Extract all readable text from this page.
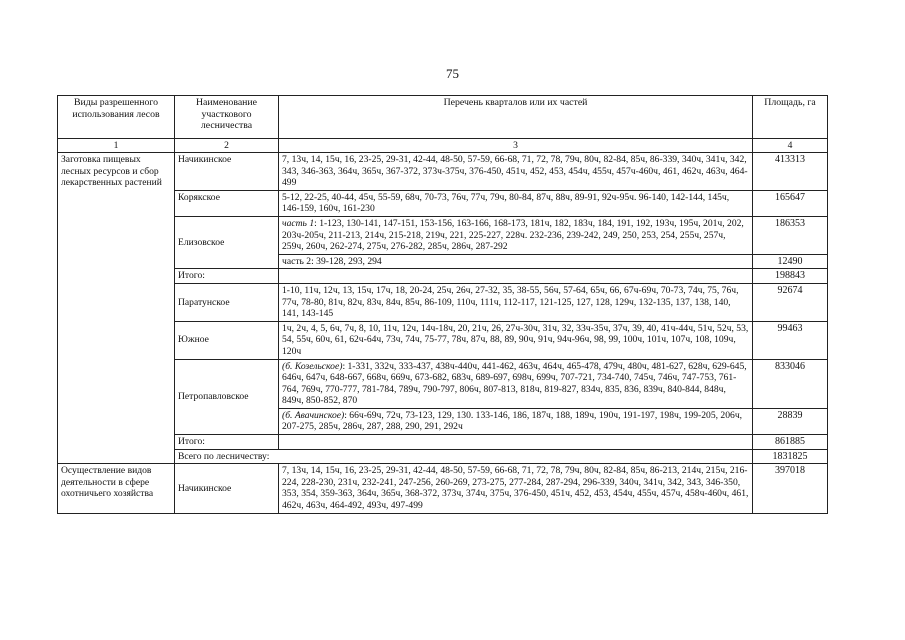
75
Виды разрешенного использования лесов	Наименование участкового лесничества	Перечень кварталов или их частей	Площадь, га
1	2	3	4
Заготовка пищевых лесных ресурсов и сбор лекарственных растений	Начикинское	7, 13ч, 14, 15ч, 16, 23-25, 29-31, 42-44, 48-50, 57-59, 66-68, 71, 72, 78, 79ч, 80ч, 82-84, 85ч, 86-339, 340ч, 341ч, 342, 343, 346-363, 364ч, 365ч, 367-372, 373ч-375ч, 376-450, 451ч, 452, 453, 454ч, 455ч, 457ч-460ч, 461, 462ч, 463ч, 464-499	413313
	Корякское	5-12, 22-25, 40-44, 45ч, 55-59, 68ч, 70-73, 76ч, 77ч, 79ч, 80-84, 87ч, 88ч, 89-91, 92ч-95ч. 96-140, 142-144, 145ч, 146-159, 160ч, 161-230	165647
	Елизовское	часть 1: 1-123, 130-141, 147-151, 153-156, 163-166, 168-173, 181ч, 182, 183ч, 184, 191, 192, 193ч, 195ч, 201ч, 202, 203ч-205ч, 211-213, 214ч, 215-218, 219ч, 221, 225-227, 228ч. 232-236, 239-242, 249, 250, 253, 254, 255ч, 257ч, 259ч, 260ч, 262-274, 275ч, 276-282, 285ч, 286ч, 287-292	186353
		часть 2: 39-128, 293, 294	12490
	Итого:		198843
	Паратунское	1-10, 11ч, 12ч, 13, 15ч, 17ч, 18, 20-24, 25ч, 26ч, 27-32, 35, 38-55, 56ч, 57-64, 65ч, 66, 67ч-69ч, 70-73, 74ч, 75, 76ч, 77ч, 78-80, 81ч, 82ч, 83ч, 84ч, 85ч, 86-109, 110ч, 111ч, 112-117, 121-125, 127, 128, 129ч, 132-135, 137, 138, 140, 141, 143-145	92674
	Южное	1ч, 2ч, 4, 5, 6ч, 7ч, 8, 10, 11ч, 12ч, 14ч-18ч, 20, 21ч, 26, 27ч-30ч, 31ч, 32, 33ч-35ч, 37ч, 39, 40, 41ч-44ч, 51ч, 52ч, 53, 54, 55ч, 60ч, 61, 62ч-64ч, 73ч, 74ч, 75-77, 78ч, 87ч, 88, 89, 90ч, 91ч, 94ч-96ч, 98, 99, 100ч, 101ч, 107ч, 108, 109ч, 120ч	99463
	Петропавловское	(б. Козельское): 1-331, 332ч, 333-437, 438ч-440ч, 441-462, 463ч, 464ч, 465-478, 479ч, 480ч, 481-627, 628ч, 629-645, 646ч, 647ч, 648-667, 668ч, 669ч, 673-682, 683ч, 689-697, 698ч, 699ч, 707-721, 734-740, 745ч, 746ч, 747-753, 761-764, 769ч, 770-777, 781-784, 789ч, 790-797, 806ч, 807-813, 818ч, 819-827, 834ч, 835, 836, 839ч, 840-844, 848ч, 849ч, 850-852, 870	833046
		(б. Авачинское): 66ч-69ч, 72ч, 73-123, 129, 130. 133-146, 186, 187ч, 188, 189ч, 190ч, 191-197, 198ч, 199-205, 206ч, 207-275, 285ч, 286ч, 287, 288, 290, 291, 292ч	28839
	Итого:		861885
	Всего по лесничеству:		1831825
Осуществление видов деятельности в сфере охотничьего хозяйства	Начикинское	7, 13ч, 14, 15ч, 16, 23-25, 29-31, 42-44, 48-50, 57-59, 66-68, 71, 72, 78, 79ч, 80ч, 82-84, 85ч, 86-213, 214ч, 215ч, 216-224, 228-230, 231ч, 232-241, 247-256, 260-269, 273-275, 277-284, 287-294, 296-339, 340ч, 341ч, 342, 343, 346-350, 353, 354, 359-363, 364ч, 365ч, 368-372, 373ч, 374ч, 375ч, 376-450, 451ч, 452, 453, 454ч, 455ч, 457ч, 458ч-460ч, 461, 462ч, 463ч, 464-492, 493ч, 497-499	397018
